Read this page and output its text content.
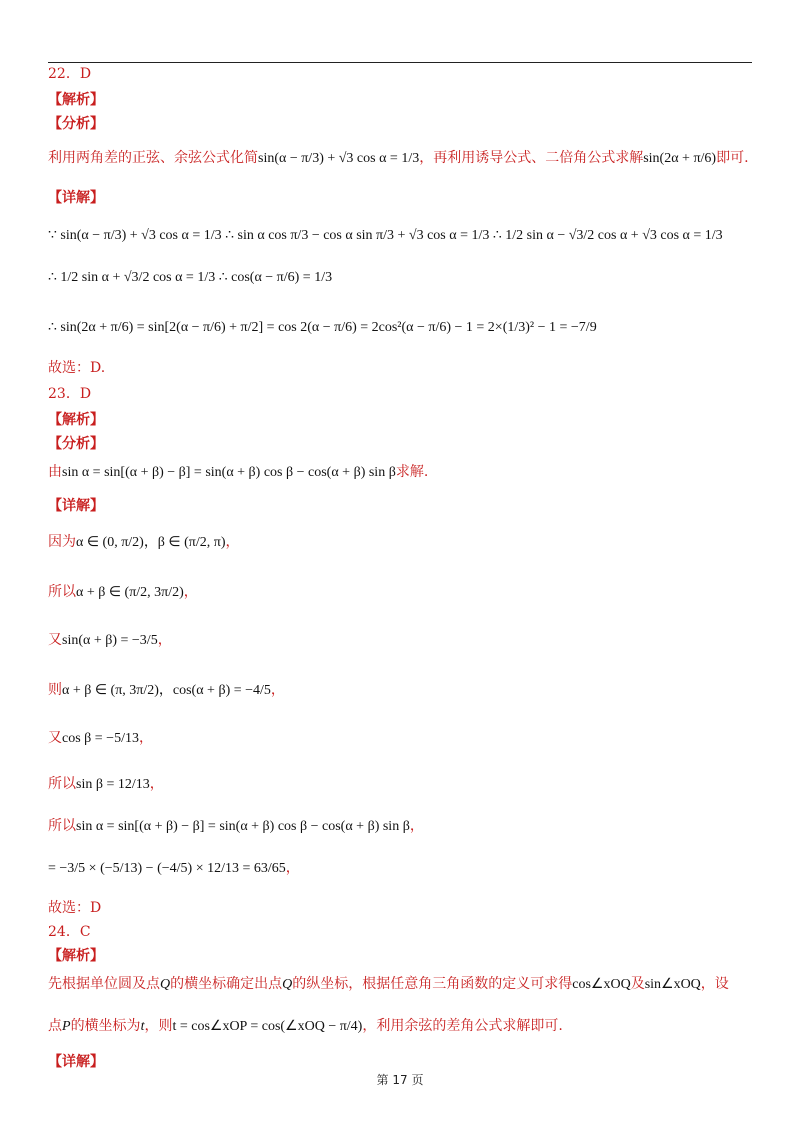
22．D
【解析】
【分析】
利用两角差的正弦、余弦公式化简sin(α − π/3) + √3 cos α = 1/3，再利用诱导公式、二倍角公式求解sin(2α + π/6)即可.
【详解】
∵ sin(α − π/3) + √3 cos α = 1/3 ∴ sin α cos π/3 − cos α sin π/3 + √3 cos α = 1/3 ∴ 1/2 sin α − √3/2 cos α + √3 cos α = 1/3
∴ 1/2 sin α + √3/2 cos α = 1/3 ∴ cos(α − π/6) = 1/3
∴ sin(2α + π/6) = sin[2(α − π/6) + π/2] = cos 2(α − π/6) = 2cos²(α − π/6) − 1 = 2×(1/3)² − 1 = −7/9
故选：D.
23．D
【解析】
【分析】
由sin α = sin[(α + β) − β] = sin(α + β) cos β − cos(α + β) sin β求解.
【详解】
因为α ∈ (0, π/2)，β ∈ (π/2, π)，
所以α + β ∈ (π/2, 3π/2)，
又sin(α + β) = −3/5，
则α + β ∈ (π, 3π/2)，cos(α + β) = −4/5，
又cos β = −5/13，
所以sin β = 12/13，
所以sin α = sin[(α + β) − β] = sin(α + β) cos β − cos(α + β) sin β，
= −3/5 × (−5/13) − (−4/5) × 12/13 = 63/65，
故选：D
24．C
【解析】
先根据单位圆及点Q的横坐标确定出点Q的纵坐标，根据任意角三角函数的定义可求得cos∠xOQ及sin∠xOQ，设
点P的横坐标为t，则t = cos∠xOP = cos(∠xOQ − π/4)，利用余弦的差角公式求解即可.
【详解】
第 17 页
